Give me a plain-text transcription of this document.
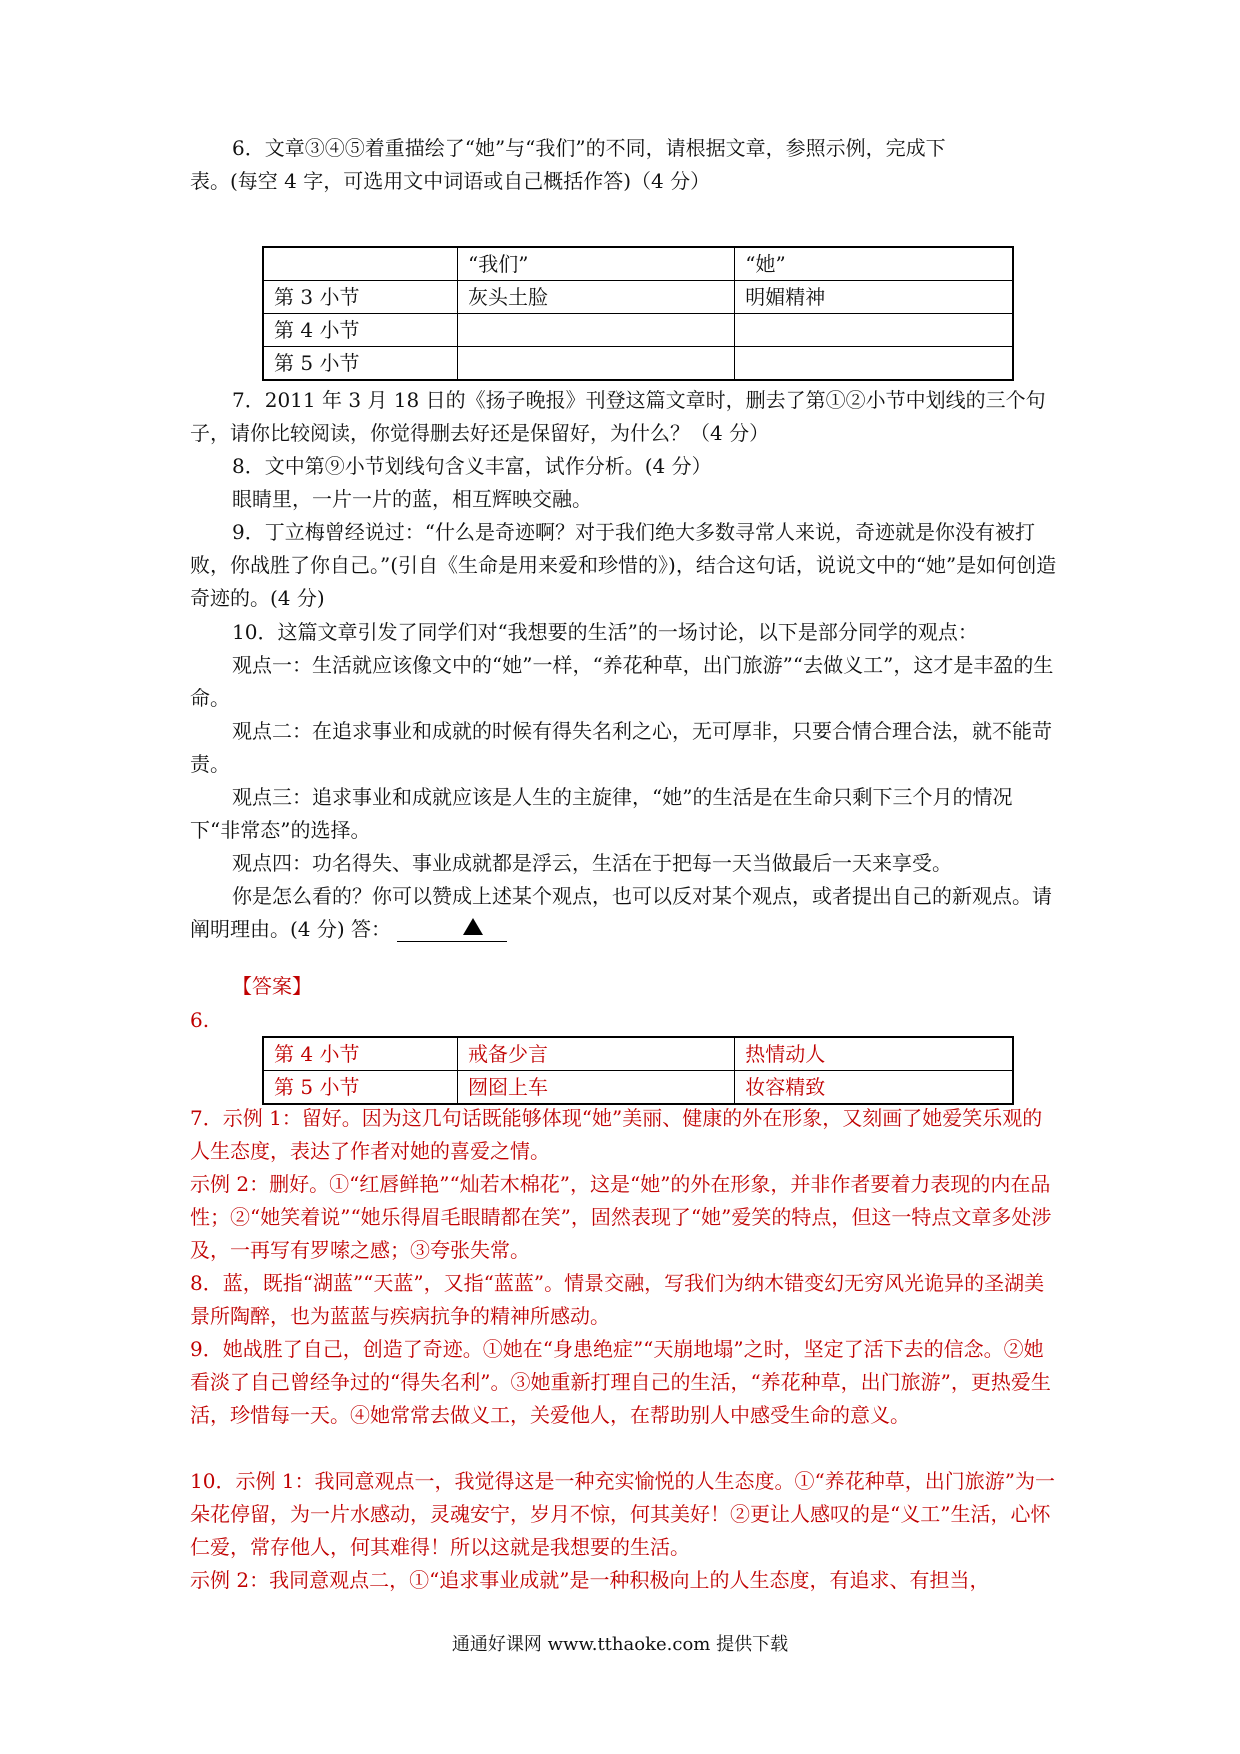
6．文章③④⑤着重描绘了“她”与“我们”的不同，请根据文章，参照示例，完成下
表。(每空 4 字，可选用文中词语或自己概括作答)（4 分）

	“我们”	“她”
第 3 小节	灰头土脸	明媚精神
第 4 小节		
第 5 小节		

7．2011 年 3 月 18 日的《扬子晚报》刊登这篇文章时，删去了第①②小节中划线的三个句子，请你比较阅读，你觉得删去好还是保留好，为什么？（4 分）

8．文中第⑨小节划线句含义丰富，试作分析。(4 分）

眼睛里，一片一片的蓝，相互辉映交融。

9．丁立梅曾经说过：“什么是奇迹啊？对于我们绝大多数寻常人来说，奇迹就是你没有被打败，你战胜了你自己。”(引自《生命是用来爱和珍惜的》)，结合这句话，说说文中的“她”是如何创造奇迹的。(4 分)

10．这篇文章引发了同学们对“我想要的生活”的一场讨论，以下是部分同学的观点：

观点一：生活就应该像文中的“她”一样，“养花种草，出门旅游”“去做义工”，这才是丰盈的生命。

观点二：在追求事业和成就的时候有得失名利之心，无可厚非，只要合情合理合法，就不能苛责。

观点三：追求事业和成就应该是人生的主旋律，“她”的生活是在生命只剩下三个月的情况下“非常态”的选择。

观点四：功名得失、事业成就都是浮云，生活在于把每一天当做最后一天来享受。

你是怎么看的？你可以赞成上述某个观点，也可以反对某个观点，或者提出自己的新观点。请阐明理由。(4 分) 答：

【答案】

6.

第 4 小节	戒备少言	热情动人
第 5 小节	囫囵上车	妆容精致

7．示例 1：留好。因为这几句话既能够体现“她”美丽、健康的外在形象，又刻画了她爱笑乐观的人生态度，表达了作者对她的喜爱之情。

示例 2：删好。①“红唇鲜艳”“灿若木棉花”，这是“她”的外在形象，并非作者要着力表现的内在品性；②“她笑着说”“她乐得眉毛眼睛都在笑”，固然表现了“她”爱笑的特点，但这一特点文章多处涉及，一再写有罗嗦之感；③夸张失常。

8．蓝，既指“湖蓝”“天蓝”，又指“蓝蓝”。情景交融，写我们为纳木错变幻无穷风光诡异的圣湖美景所陶醉，也为蓝蓝与疾病抗争的精神所感动。

9．她战胜了自己，创造了奇迹。①她在“身患绝症”“天崩地塌”之时，坚定了活下去的信念。②她看淡了自己曾经争过的“得失名利”。③她重新打理自己的生活，“养花种草，出门旅游”，更热爱生活，珍惜每一天。④她常常去做义工，关爱他人，在帮助别人中感受生命的意义。

10．示例 1：我同意观点一，我觉得这是一种充实愉悦的人生态度。①“养花种草，出门旅游”为一朵花停留，为一片水感动，灵魂安宁，岁月不惊，何其美好！②更让人感叹的是“义工”生活，心怀仁爱，常存他人，何其难得！所以这就是我想要的生活。

示例 2：我同意观点二，①“追求事业成就”是一种积极向上的人生态度，有追求、有担当，

通通好课网 www.tthaoke.com 提供下载
